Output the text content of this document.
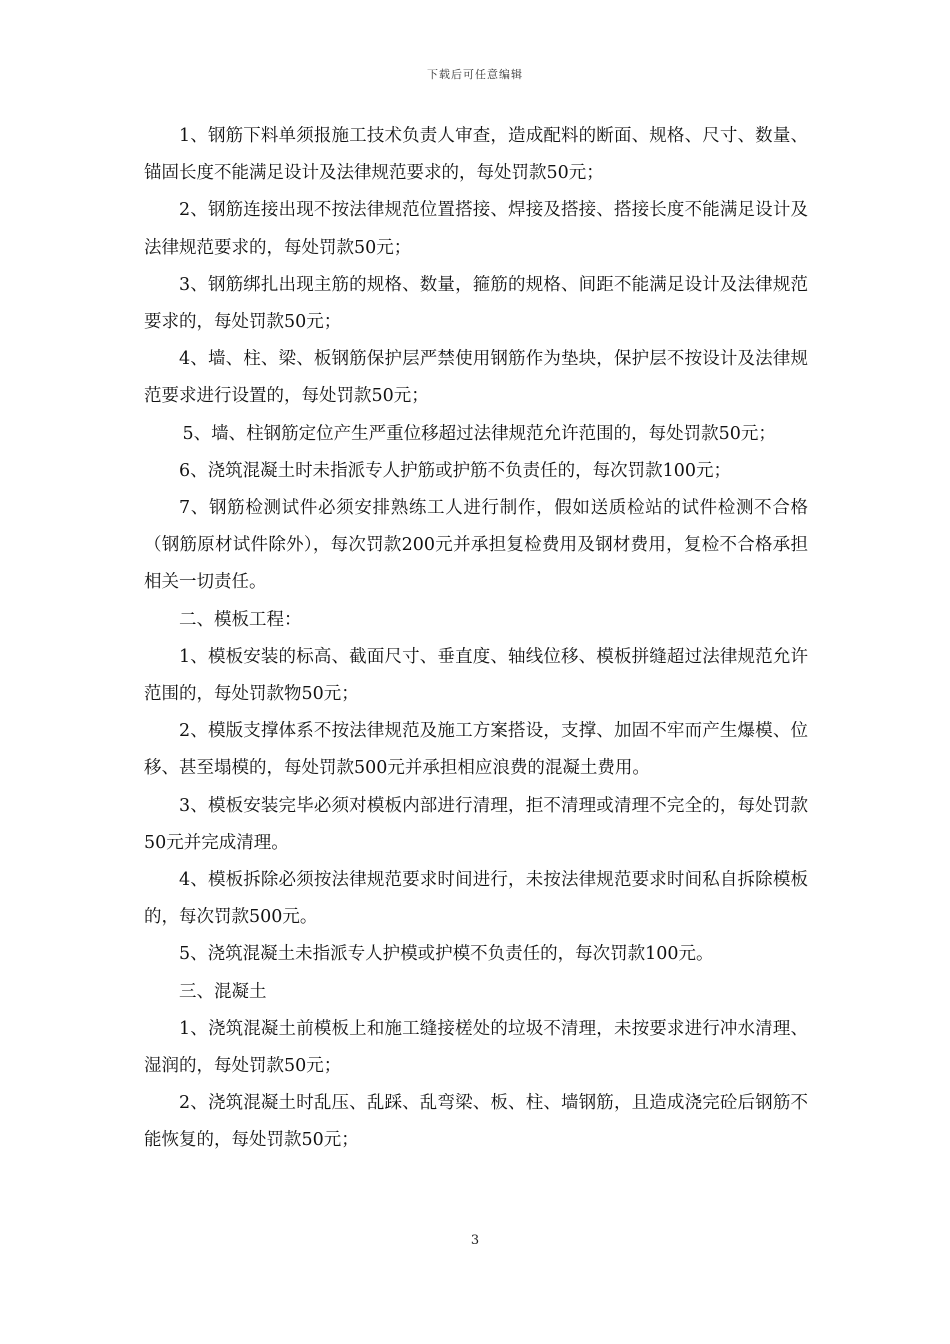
下载后可任意编辑

1、钢筋下料单须报施工技术负责人审查，造成配料的断面、规格、尺寸、数量、锚固长度不能满足设计及法律规范要求的，每处罚款50元；

2、钢筋连接出现不按法律规范位置搭接、焊接及搭接、搭接长度不能满足设计及法律规范要求的，每处罚款50元；

3、钢筋绑扎出现主筋的规格、数量，箍筋的规格、间距不能满足设计及法律规范要求的，每处罚款50元；

4、墙、柱、梁、板钢筋保护层严禁使用钢筋作为垫块，保护层不按设计及法律规范要求进行设置的，每处罚款50元；

5、墙、柱钢筋定位产生严重位移超过法律规范允许范围的，每处罚款50元；

6、浇筑混凝土时未指派专人护筋或护筋不负责任的，每次罚款100元；

7、钢筋检测试件必须安排熟练工人进行制作，假如送质检站的试件检测不合格（钢筋原材试件除外），每次罚款200元并承担复检费用及钢材费用，复检不合格承担相关一切责任。

二、模板工程：

1、模板安装的标高、截面尺寸、垂直度、轴线位移、模板拼缝超过法律规范允许范围的，每处罚款物50元；

2、模版支撑体系不按法律规范及施工方案搭设，支撑、加固不牢而产生爆模、位移、甚至塌模的，每处罚款500元并承担相应浪费的混凝土费用。

3、模板安装完毕必须对模板内部进行清理，拒不清理或清理不完全的，每处罚款50元并完成清理。

4、模板拆除必须按法律规范要求时间进行，未按法律规范要求时间私自拆除模板的，每次罚款500元。

5、浇筑混凝土未指派专人护模或护模不负责任的，每次罚款100元。

三、混凝土

1、浇筑混凝土前模板上和施工缝接槎处的垃圾不清理，未按要求进行冲水清理、湿润的，每处罚款50元；

2、浇筑混凝土时乱压、乱踩、乱弯梁、板、柱、墙钢筋，且造成浇完砼后钢筋不能恢复的，每处罚款50元；

3
